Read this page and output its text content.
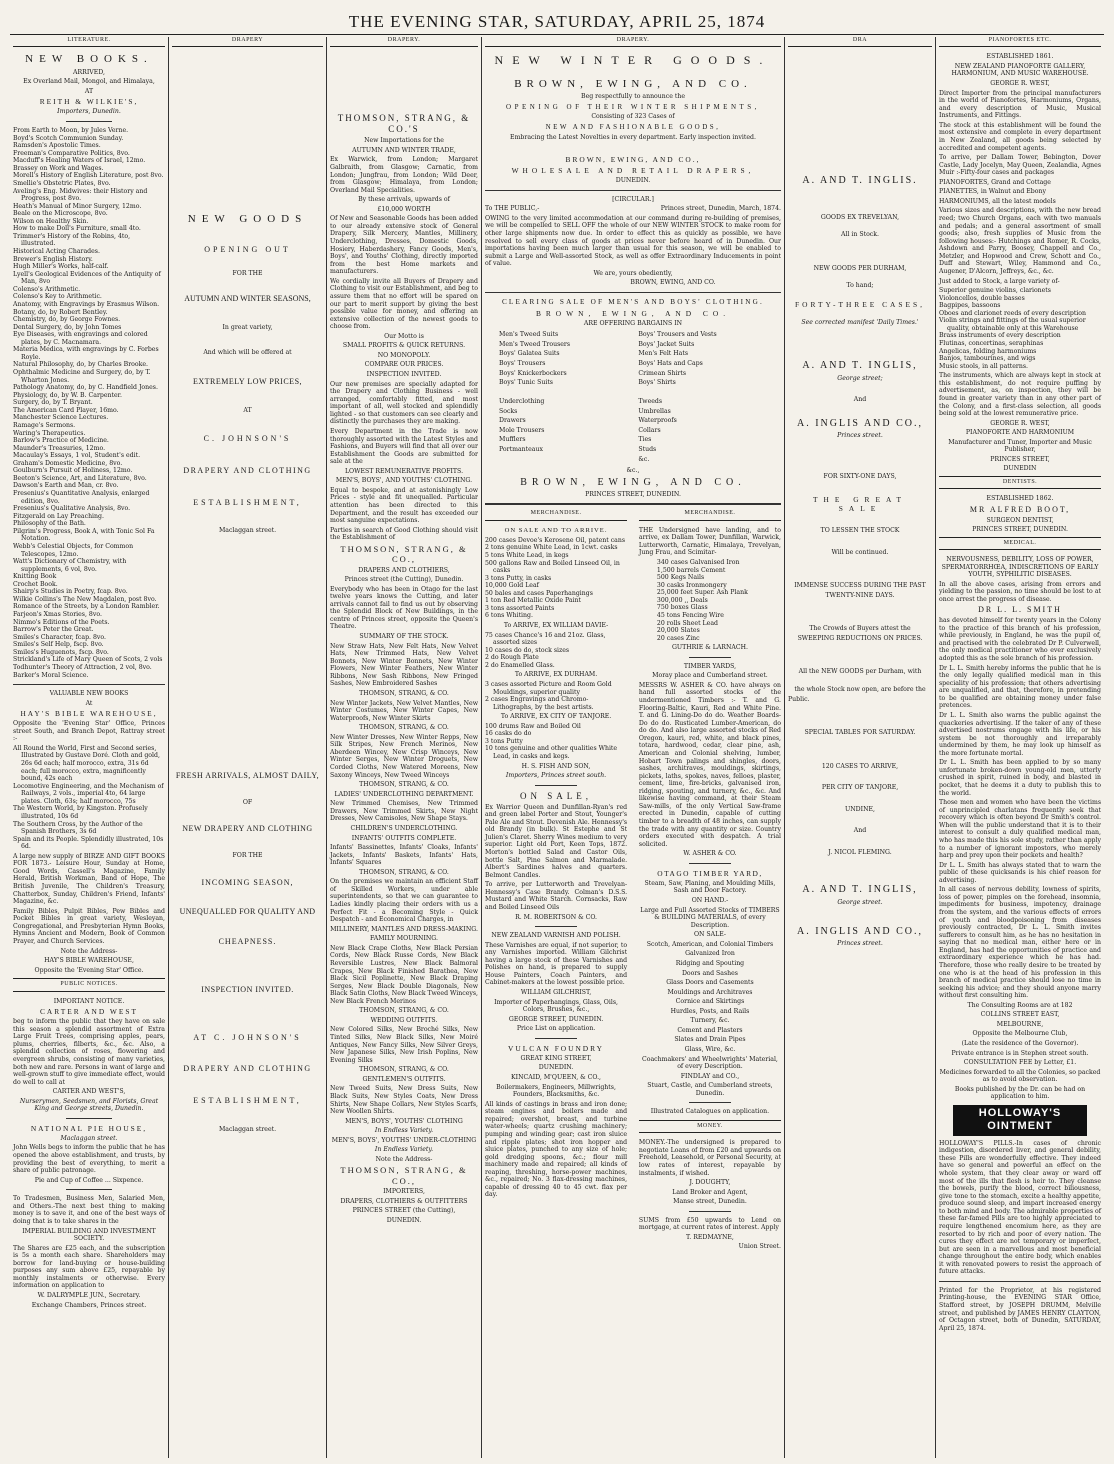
THE EVENING STAR, SATURDAY, APRIL 25, 1874
LITERATURE.
NEW BOOKS.

ARRIVED,

Ex Overland Mail, Mongol, and Himalaya,

AT

REITH & WILKIE'S,

Importers, Dunedin.

From Earth to Moon, by Jules Verne.

Boyd's Scotch Communion Sunday.

Ramsden's Apostolic Times.

Freeman's Comparative Politics, 8vo.

Macduff's Healing Waters of Israel, 12mo.

Brassey on Work and Wages.

Morell's History of English Literature, post 8vo.

Smellie's Obstetric Plates, 8vo.

Aveling's Eng. Midwives: their History and Progress, post 8vo.

Heath's Manual of Minor Surgery, 12mo.

Beale on the Microscope, 8vo.

Wilson on Healthy Skin.

How to make Doll's Furniture, small 4to.

Trimmer's History of the Robins, 4to, illustrated.

Historical Acting Charades.

Brewer's English History.

Hugh Miller's Works, half-calf.

Lyell's Geological Evidences of the Antiquity of Man, 8vo

Colenso's Arithmetic.

Colenso's Key to Arithmetic.

Anatomy, with Engravings by Erasmus Wilson.

Botany, do, by Robert Bentley.

Chemistry, do, by George Fownes.

Dental Surgery, do, by John Tomes

Eye Diseases, with engravings and colored plates, by C. Macnamara.

Materia Medica, with engravings by C. Forbes Royle.

Natural Philosophy, do, by Charles Brooke.

Ophthalmic Medicine and Surgery, do, by T. Wharton Jones.

Pathology Anatomy, do, by C. Handfield Jones.

Physiology, do, by W. B. Carpenter.

Surgery, do, by T. Bryant.

The American Card Player, 16mo.

Manchester Science Lectures.

Ramage's Sermons.

Waring's Therapeutics.

Barlow's Practice of Medicine.

Maunder's Treasuries, 12mo.

Macaulay's Essays, 1 vol, Student's edit.

Graham's Domestic Medicine, 8vo.

Goulburn's Pursuit of Holiness, 12mo.

Beeton's Science, Art, and Literature, 8vo.

Dawson's Earth and Man, cr. 8vo.

Fresenius's Quantitative Analysis, enlarged edition, 8vo.

Fresenius's Qualitative Analysis, 8vo.

Fitzgerald on Lay Preaching.

Philosophy of the Bath.

Pilgrim's Progress, Book A, with Tonic Sol Fa Notation.

Webb's Celestial Objects, for Common Telescopes, 12mo.

Watt's Dictionary of Chemistry, with supplements, 6 vol, 8vo.

Knitting Book

Crochet Book.

Shairp's Studies in Poetry, fcap. 8vo.

Wilkie Collins's The New Magdalen, post 8vo.

Romance of the Streets, by a London Rambler.

Farjeon's Xmas Stories, 8vo.

Nimmo's Editions of the Poets.

Barrow's Peter the Great.

Smiles's Character, fcap. 8vo.

Smiles's Self Help, fscp. 8vo.

Smiles's Huguenots, fscp. 8vo.

Strickland's Life of Mary Queen of Scots, 2 vols

Todhunter's Theory of Attraction, 2 vol, 8vo.

Barker's Moral Science.

VALUABLE NEW BOOKS

At

HAY'S BIBLE WAREHOUSE,

Opposite the 'Evening Star' Office, Princes street South, and Branch Depot, Rattray street :-

All Round the World, First and Second series, Illustrated by Gustave Doré. Cloth and gold, 26s 6d each; half morocco, extra, 31s 6d each; full morocco, extra, magnificently bound, 42s each

Locomotive Engineering, and the Mechanism of Railways, 2 vols., imperial 4to, 64 large plates. Cloth, 63s; half morocco, 75s

The Western World, by Kingston. Profusely illustrated, 10s 6d

The Southern Cross, by the Author of the Spanish Brothers, 3s 6d

Spain and its People. Splendidly illustrated, 10s 6d.

A large new supply of BIRZE AND GIFT BOOKS FOR 1873.- Leisure Hour, Sunday at Home, Good Words, Cassell's Magazine, Family Herald, British Workman, Band of Hope, The British Juvenile, The Children's Treasury, Chatterbox, Sunday, Children's Friend, Infants' Magazine, &c.

Family Bibles, Pulpit Bibles, Pew Bibles and Pocket Bibles in great variety, Wesleyan, Congregational, and Presbyterian Hymn Books, Hymns Ancient and Modern, Book of Common Prayer, and Church Services.

Note the Address-

HAY'S BIBLE WAREHOUSE,

Opposite the 'Evening Star' Office.

PUBLIC NOTICES.

IMPORTANT NOTICE.

CARTER AND WEST

beg to inform the public that they have on sale this season a splendid assortment of Extra Large Fruit Trees, comprising apples, pears, plums, cherries, filberts, &c., &c. Also, a splendid collection of roses, flowering and evergreen shrubs, consisting of many varieties, both new and rare. Persons in want of large and well-grown stuff to give immediate effect, would do well to call at

CARTER AND WEST'S,

Nurserymen, Seedsmen, and Florists, Great King and George streets, Dunedin.

NATIONAL PIE HOUSE,

Maclaggan street.

John Wells begs to inform the public that he has opened the above establishment, and trusts, by providing the best of everything, to merit a share of public patronage.

Pie and Cup of Coffee ... Sixpence.

To Tradesmen, Business Men, Salaried Men, and Others.-The next best thing to making money is to save it, and one of the best ways of doing that is to take shares in the

IMPERIAL BUILDING AND INVESTMENT SOCIETY.

The Shares are £25 each, and the subscription is 5s a month each share. Shareholders may borrow for land-buying or house-building purposes any sum above £25, repayable by monthly instalments or otherwise. Every information on application to

W. DALRYMPLE JUN., Secretary.

Exchange Chambers, Princes street.

DRAPERY
NEW GOODS

OPENING OUT

FOR THE

AUTUMN AND WINTER SEASONS,

In great variety,

And which will be offered at

EXTREMELY LOW PRICES,

AT

C. JOHNSON'S

DRAPERY AND CLOTHING

ESTABLISHMENT,

Maclaggan street.

FRESH ARRIVALS, ALMOST DAILY,

OF

NEW DRAPERY AND CLOTHING

FOR THE

INCOMING SEASON,

UNEQUALLED FOR QUALITY AND

CHEAPNESS.

INSPECTION INVITED.

AT C. JOHNSON'S

DRAPERY AND CLOTHING

ESTABLISHMENT,

Maclaggan street.

DRAPERY.

THOMSON, STRANG, & CO.'S

New Importations for the

AUTUMN AND WINTER TRADE,

Ex Warwick, from London; Margaret Galbraith, from Glasgow; Carnatic, from London; Jungfrau, from London; Wild Deer, from Glasgow; Himalaya, from London; Overland Mail Specialities.

By these arrivals, upwards of

£10,000 WORTH

Of New and Seasonable Goods has been added to our already extensive stock of General Drapery, Silk Mercery, Mantles, Millinery, Underclothing, Dresses, Domestic Goods, Hosiery, Haberdashery, Fancy Goods, Men's, Boys', and Youths' Clothing, directly imported from the best Home markets and manufacturers.

We cordially invite all Buyers of Drapery and Clothing to visit our Establishment, and beg to assure them that no effort will be spared on our part to merit support by giving the best possible value for money, and offering an extensive collection of the newest goods to choose from.

Our Motto is

SMALL PROFITS & QUICK RETURNS.

NO MONOPOLY.

COMPARE OUR PRICES.

INSPECTION INVITED.

Our new premises are specially adapted for the Drapery and Clothing Business - well arranged, comfortably fitted, and most important of all, well stocked and splendidly lighted - so that customers can see clearly and distinctly the purchases they are making.

Every Department in the Trade is now thoroughly assorted with the Latest Styles and Fashions, and Buyers will find that all over our Establishment the Goods are submitted for sale at the

LOWEST REMUNERATIVE PROFITS.

MEN'S, BOYS', AND YOUTHS' CLOTHING.

Equal to bespoke, and at astonishingly Low Prices - style and fit unequalled. Particular attention has been directed to this Department, and the result has exceeded our most sanguine expectations.

Parties in search of Good Clothing should visit the Establishment of

THOMSON, STRANG, & CO.,

DRAPERS AND CLOTHIERS,

Princes street (the Cutting), Dunedin.

Everybody who has been in Otago for the last twelve years knows the Cutting, and later arrivals cannot fail to find us out by observing the Splendid Block of New Buildings, in the centre of Princes street, opposite the Queen's Theatre.

SUMMARY OF THE STOCK.

New Straw Hats, New Felt Hats, New Velvet Hats, New Trimmed Hats, New Velvet Bonnets, New Winter Bonnets, New Winter Flowers, New Winter Feathers, New Winter Ribbons, New Sash Ribbons, New Fringed Sashes, New Embroidered Sashes

THOMSON, STRANG, & CO.

New Winter Jackets, New Velvet Mantles, New Winter Costumes, New Winter Capes, New Waterproofs, New Winter Skirts

THOMSON, STRANG, & CO.

New Winter Dresses, New Winter Repps, New Silk Stripes, New French Merinos, New Aberdeen Wincey, New Crisp Winceys, New Winter Serges, New Winter Droguets, New Corded Cloths, New Watered Moreens, New Saxony Winceys, New Tweed Winceys

THOMSON, STRANG, & CO.

LADIES' UNDERCLOTHING DEPARTMENT.

New Trimmed Chemises, New Trimmed Drawers, New Trimmed Skirts, New Night Dresses, New Camisoles, New Shape Stays.

CHILDREN'S UNDERCLOTHING.

INFANTS' OUTFITS COMPLETE.

Infants' Bassinettes, Infants' Cloaks, Infants' Jackets, Infants' Baskets, Infants' Hats, Infants' Squares

THOMSON, STRANG, & CO.

On the premises we maintain an efficient Staff of Skilled Workers, under able superintendents, so that we can guarantee to Ladies kindly placing their orders with us a Perfect Fit - a Becoming Style - Quick Despatch - and Economical Charges, in

MILLINERY, MANTLES AND DRESS-MAKING.

FAMILY MOURNING.

New Black Crape Cloths, New Black Persian Cords, New Black Russe Cords, New Black Reversible Lustres, New Black Balmoral Crapes, New Black Finished Barathea, New Black Sicil Poplinette, New Black Draping Serges, New Black Double Diagonals, New Black Satin Cloths, New Black Tweed Winceys, New Black French Merinos

THOMSON, STRANG, & CO.

WEDDING OUTFITS.

New Colored Silks, New Broché Silks, New Tinted Silks, New Black Silks, New Moiré Antiques, New Fancy Silks, New Silver Greys, New Japanese Silks, New Irish Poplins, New Evening Silks

THOMSON, STRANG, & CO.

GENTLEMEN'S OUTFITS.

New Tweed Suits, New Dress Suits, New Black Suits, New Styles Coats, New Dress Shirts, New Shape Collars, New Styles Scarfs, New Woollen Shirts.

MEN'S, BOYS', YOUTHS' CLOTHING

In Endless Variety.

MEN'S, BOYS', YOUTHS' UNDER-CLOTHING

In Endless Variety.

Note the Address-

THOMSON, STRANG, & CO.,

IMPORTERS,

DRAPERS, CLOTHIERS & OUTFITTERS

PRINCES STREET (the Cutting),

DUNEDIN.

DRAPERY.
NEW WINTER GOODS.

BROWN, EWING, AND CO.

Beg respectfully to announce the

OPENING OF THEIR WINTER SHIPMENTS,

Consisting of 323 Cases of

NEW AND FASHIONABLE GOODS,

Embracing the Latest Novelties in every department. Early inspection invited.

BROWN, EWING, AND CO.,

WHOLESALE AND RETAIL DRAPERS,

DUNEDIN.

[CIRCULAR.]

To THE PUBLIC,-	Princes street, Dunedin, March, 1874.

OWING to the very limited accommodation at our command during re-building of premises, we will be compelled to SELL OFF the whole of our NEW WINTER STOCK to make room for other large shipments now due. In order to effect this as quickly as possible, we have resolved to sell every class of goods at prices never before heard of in Dunedin. Our importations having been much larger than usual for this season, we will be enabled to submit a Large and Well-assorted Stock, as well as offer Extraordinary Inducements in point of value.

We are, yours obediently,

BROWN, EWING, AND CO.

CLEARING SALE OF MEN'S AND BOYS' CLOTHING.

BROWN, EWING, AND CO.

ARE OFFERING BARGAINS IN

Men's Tweed Suits

Men's Tweed Trousers

Boys' Galatea Suits

Boys' Trousers

Boys' Knickerbockers

Boys' Tunic Suits

Underclothing

Socks

Drawers

Mole Trousers

Mufflers

Portmanteaux

Boys' Trousers and Vests

Boys' Jacket Suits

Men's Felt Hats

Boys' Hats and Caps

Crimean Shirts

Boys' Shirts

Tweeds

Umbrellas

Waterproofs

Collars

Ties

Studs

&c.

&c.,

BROWN, EWING, AND CO.

PRINCES STREET, DUNEDIN.

MERCHANDISE.

ON SALE AND TO ARRIVE.

200 cases Devoe's Kerosene Oil, patent cans

2 tons genuine White Lead, in 1cwt. casks

5 tons White Lead, in kegs

500 gallons Raw and Boiled Linseed Oil, in casks

3 tons Putty, in casks

10,000 Gold Leaf

50 bales and cases Paperhangings

1 ton Red Metallic Oxide Paint

3 tons assorted Paints

6 tons Whiting.

To ARRIVE, EX WILLIAM DAVIE-

75 cases Chance's 16 and 21oz. Glass, assorted sizes

10 cases do do, stock sizes

2 do Rough Plate

2 do Enamelled Glass.

To ARRIVE, EX DURHAM.

3 cases assorted Picture and Room Gold Mouldings, superior quality

2 cases Engravings and Chromo-Lithographs, by the best artists.

To ARRIVE, EX CITY OF TANJORE.

100 drums Raw and Boiled Oil

16 casks do do

3 tons Putty

10 tons genuine and other qualities White Lead, in casks and kegs.

H. S. FISH AND SON,

Importers, Princes street south.

ON SALE,

Ex Warrior Queen and Dunfillan-Ryan's red and green label Porter and Stout, Younger's Pale Ale and Stout. Devenish Ale. Hennessy's old Brandy (in bulk). St Estephe and St Julien's Claret. Sherry Wines medium to very superior. Light old Port, Keen Tops, 1872. Morton's bottled Salad and Castor Oils, bottle Salt, Pine Salmon and Marmalade. Albert's Sardines halves and quarters. Belmont Candles.

To arrive, per Lutterworth and Trevelyan-Hennessy's Case Brandy. Colman's D.S.S. Mustard and White Starch. Cornsacks, Raw and Boiled Linseed Oils

R. M. ROBERTSON & CO.

NEW ZEALAND VARNISH AND POLISH.

These Varnishes are equal, if not superior, to any Varnishes imported. William Gilchrist having a large stock of these Varnishes and Polishes on hand, is prepared to supply House Painters, Coach Painters, and Cabinet-makers at the lowest possible price.

WILLIAM GILCHRIST,

Importer of Paperhangings, Glass, Oils, Colors, Brushes, &c.,

GEORGE STREET, DUNEDIN.

Price List on application.

VULCAN FOUNDRY

GREAT KING STREET,

DUNEDIN.

KINCAID, M'QUEEN, & CO.,

Boilermakers, Engineers, Millwrights, Founders, Blacksmiths, &c.

All kinds of castings in brass and iron done; steam engines and boilers made and repaired; overshot, breast, and turbine water-wheels; quartz crushing machinery; pumping and winding gear; cast iron sluice and ripple plates; shot iron hopper and sluice plates, punched to any size of hole; gold dredging spoons, &c.; flour mill machinery made and repaired; all kinds of reaping, threshing, horse-power machines, &c., repaired; No. 3 flax-dressing machines, capable of dressing 40 to 45 cwt. flax per day.

MERCHANDISE.

THE Undersigned have landing, and to arrive, ex Dallam Tower, Dunfillan, Warwick, Lutterworth, Carnatic, Himalaya, Trevelyan, Jung Frau, and Scimitar-

340 cases Galvanised Iron

1,500 barrels Cement

500 Kegs Nails

30 casks Ironmongery

25,000 feet Super. Ash Plank

300,000 ,, Deals

750 boxes Glass

45 tons Fencing Wire

20 rolls Sheet Lead

20,000 Slates

20 cases Zinc

GUTHRIE & LARNACH.

TIMBER YARDS,

Moray place and Cumberland street.

MESSRS W. ASHER & CO. have always on hand full assorted stocks of the undermentioned Timbers :- T. and G. Flooring-Baltic, Kauri, Red and White Pine. T. and G. Lining-Do do do. Weather Boards-Do do do. Rusticated Lumber-American, do do do. And also large assorted stocks of Red Oregon, kauri, red, white, and black pines, totara, hardwood, cedar, clear pine, ash, American and Colonial shelving, lumber, Hobart Town palings and shingles, doors, sashes, architraves, mouldings, skirtings, pickets, laths, spokes, naves, felloes, plaster, cement, lime, fire-bricks, galvanised iron, ridging, spouting, and turnery, &c., &c. And likewise having command, at their Steam Saw-mills, of the only Vertical Saw-frame erected in Dunedin, capable of cutting timber to a breadth of 48 inches, can supply the trade with any quantity or size. Country orders executed with despatch. A trial solicited.

W. ASHER & CO.

OTAGO TIMBER YARD,

Steam, Saw, Planing, and Moulding Mills, Sash and Door Factory.

ON HAND.-

Large and Full Assorted Stocks of TIMBERS & BUILDING MATERIALS, of every Description.

ON SALE-

Scotch, American, and Colonial Timbers

Galvanized Iron

Ridging and Spouting

Doors and Sashes

Glass Doors and Casements

Mouldings and Architraves

Cornice and Skirtings

Hurdles, Posts, and Rails

Turnery, &c.

Cement and Plasters

Slates and Drain Pipes

Glass, Wire, &c.

Coachmakers' and Wheelwrights' Material, of every Description.

FINDLAY and CO.,

Stuart, Castle, and Cumberland streets, Dunedin.

Illustrated Catalogues on application.

MONEY.

MONEY.-The undersigned is prepared to negotiate Loans of from £20 and upwards on Freehold, Leasehold, or Personal Security, at low rates of interest, repayable by instalments, if wished.

J. DOUGHTY,

Land Broker and Agent,

Manse street, Dunedin.

SUMS from £50 upwards to Lend on mortgage, at current rates of interest. Apply

T. REDMAYNE,

Union Street.

DRA

A. AND T. INGLIS.

GOODS EX TREVELYAN,

All in Stock.

NEW GOODS PER DURHAM,

To hand;

FORTY-THREE CASES,

See corrected manifest 'Daily Times.'

A. AND T. INGLIS,

George street;

And

A. INGLIS AND CO.,

Princes street.

FOR SIXTY-ONE DAYS,

THE GREAT SALE

TO LESSEN THE STOCK

Will be continued.

IMMENSE SUCCESS DURING THE PAST

TWENTY-NINE DAYS.

The Crowds of Buyers attest the

SWEEPING REDUCTIONS ON PRICES.

All the NEW GOODS per Durham, with

the whole Stock now open, are before the

Public.

SPECIAL TABLES FOR SATURDAY.

120 CASES TO ARRIVE,

PER CITY OF TANJORE,

UNDINE,

And

J. NICOL FLEMING.

A. AND T. INGLIS,

George street.

A. INGLIS AND CO.,

Princes street.

PIANOFORTES ETC.

ESTABLISHED 1861.

NEW ZEALAND PIANOFORTE GALLERY, HARMONIUM, AND MUSIC WAREHOUSE.

GEORGE R. WEST,

Direct Importer from the principal manufacturers in the world of Pianofortes, Harmoniums, Organs, and every description of Music, Musical Instruments, and Fittings.

The stock at this establishment will be found the most extensive and complete in every department in New Zealand, all goods being selected by accredited and competent agents.

To arrive, per Dallam Tower, Bebington, Dover Castle, Lady Jocelyn, May Queen, Zealandia, Agnes Muir :-Fifty-four cases and packages

PIANOFORTES, Grand and Cottage

PIANETTES, in Walnut and Ebony

HARMONIUMS, all the latest models

Various sizes and descriptions, with the new bread reed; two Church Organs, each with two manuals and pedals; and a general assortment of small goods; also, fresh supplies of Music from the following houses:- Hutchings and Romer, R. Cocks, Ashdown and Parry, Boosey, Chappell and Co., Metzler, and Hopwood and Crew, Schott and Co., Duff and Stewart, Wiley, Hammond and Co., Augener, D'Alcorn, Jeffreys, &c., &c.

Just added to Stock, a large variety of-

Superior genuine violins, clarionets

Violoncellos, double basses

Bagpipes, bassoons

Oboes and clarionet reeds of every description

Violin strings and fittings of the usual superior quality, obtainable only at this Warehouse

Brass instruments of every description

Flutinas, concertinas, seraphinas

Angelicas, folding harmoniums

Banjos, tambourines, and wigs

Music stools, in all patterns.

The instruments, which are always kept in stock at this establishment, do not require puffing by advertisement, as, on inspection, they will be found in greater variety than in any other part of the Colony, and a first-class selection, all goods being sold at the lowest remunerative price.

GEORGE R. WEST,

PIANOFORTE AND HARMONIUM

Manufacturer and Tuner, Importer and Music Publisher,

PRINCES STREET,

DUNEDIN

DENTISTS.

ESTABLISHED 1862.

MR ALFRED BOOT,

SURGEON DENTIST,

PRINCES STREET, DUNEDIN.

MEDICAL.

NERVOUSNESS, DEBILITY, LOSS OF POWER, SPERMATORRHŒA, INDISCRETIONS OF EARLY YOUTH, SYPHILITIC DISEASES.

In all the above cases, arising from errors and yielding to the passion, no time should be lost to at once arrest the progress of disease.

DR L. L. SMITH

has devoted himself for twenty years in the Colony to the practice of this branch of his profession, while previously, in England, he was the pupil of, and practised with the celebrated Dr P. Culverwell, the only medical practitioner who ever exclusively adopted this as the sole branch of his profession.

Dr L. L. Smith hereby informs the public that he is the only legally qualified medical man in this speciality of his profession; that others advertising are unqualified, and that, therefore, in pretending to be qualified are obtaining money under false pretences.

Dr L. L. Smith also warns the public against the quackeries advertising. If the taker of any of these advertised nostrums engage with his life, or his system be not thoroughly and irreparably undermined by them, he may look up himself as the more fortunate mortal.

Dr L. L. Smith has been applied to by so many unfortunate broken-down young-old men, utterly crushed in spirit, ruined in body, and blasted in pocket, that he deems it a duty to publish this to the world.

Those men and women who have been the victims of unprincipled charlatans frequently seek that recovery which is often beyond Dr Smith's control. When will the public understand that it is to their interest to consult a duly qualified medical man, who has made this his sole study, rather than apply to a number of ignorant impostors, who merely harp and prey upon their pockets and health?

Dr L. L. Smith has always stated that to warn the public of these quicksands is his chief reason for advertising.

In all cases of nervous debility, lowness of spirits, loss of power, pimples on the forehead, insomnia, impediments for business, impotency, drainage from the system, and the various effects of errors of youth and bloodpoisoning from diseases previously contracted, Dr L. L. Smith invites sufferers to consult him, as he has no hesitation in saying that no medical man, either here or in England, has had the opportunities of practice and extraordinary experience which he has had. Therefore, those who really desire to be treated by one who is at the head of his profession in this branch of medical practice should lose no time in seeking his advice; and they should anyone marry without first consulting him.

The Consulting Rooms are at 182

COLLINS STREET EAST,

MELBOURNE,

Opposite the Melbourne Club,

(Late the residence of the Governor).

Private entrance is in Stephen street south.

CONSULTATION FEE by Letter, £1.

Medicines forwarded to all the Colonies, so packed as to avoid observation.

Books published by the Dr. can be had on application to him.

HOLLOWAY'S OINTMENT

HOLLOWAY'S PILLS.-In cases of chronic indigestion, disordered liver, and general debility, these Pills are wonderfully effective. They indeed have so general and powerful an effect on the whole system, that they clear away or ward off most of the ills that flesh is heir to. They cleanse the bowels, purify the blood, correct biliousness, give tone to the stomach, excite a healthy appetite, produce sound sleep, and impart increased energy to both mind and body. The admirable properties of these far-famed Pills are too highly appreciated to require lengthened encomium here, as they are resorted to by rich and poor of every nation. The cures they effect are not temporary or imperfect, but are seen in a marvellous and most beneficial change throughout the entire body, which enables it with renovated powers to resist the approach of future attacks.

Printed for the Proprietor, at his registered Printing-house, the EVENING STAR Office, Stafford street, by JOSEPH DRUMM, Melville street, and published by JAMES HENRY CLAYTON, of Octagon street, both of Dunedin, SATURDAY, April 25, 1874.
